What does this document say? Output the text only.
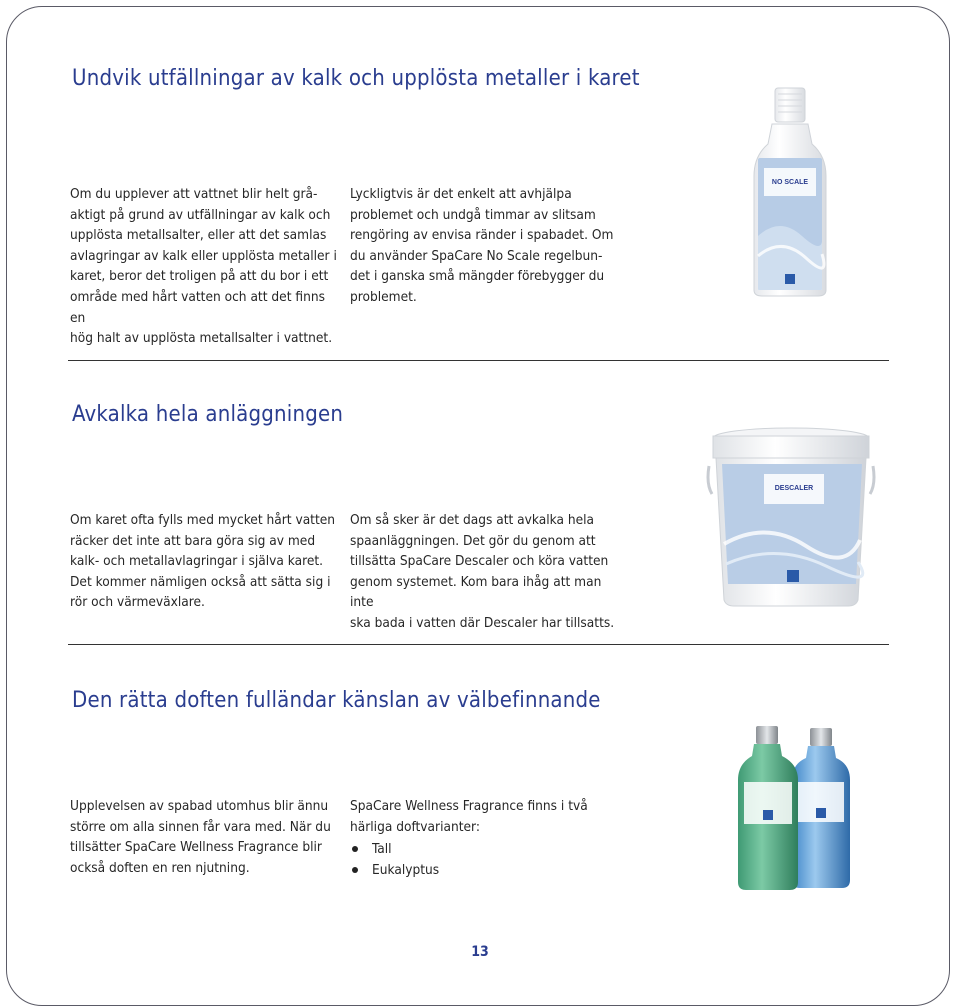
Undvik utfällningar av kalk och upplösta metaller i karet

Om du upplever att vattnet blir helt grå-
aktigt på grund av utfällningar av kalk och
upplösta metallsalter, eller att det samlas
avlagringar av kalk eller upplösta metaller i
karet, beror det troligen på att du bor i ett
område med hårt vatten och att det finns en
hög halt av upplösta metallsalter i vattnet.

Lyckligtvis är det enkelt att avhjälpa
problemet och undgå timmar av slitsam
rengöring av envisa ränder i spabadet. Om
du använder SpaCare No Scale regelbun-
det i ganska små mängder förebygger du
problemet.

NO SCALE
Avkalka hela anläggningen

Om karet ofta fylls med mycket hårt vatten
räcker det inte att bara göra sig av med
kalk- och metallavlagringar i själva karet.
Det kommer nämligen också att sätta sig i
rör och värmeväxlare.

Om så sker är det dags att avkalka hela
spaanläggningen. Det gör du genom att
tillsätta SpaCare Descaler och köra vatten
genom systemet. Kom bara ihåg att man inte
ska bada i vatten där Descaler har tillsatts.

DESCALER
Den rätta doften fulländar känslan av välbefinnande

Upplevelsen av spabad utomhus blir ännu
större om alla sinnen får vara med. När du
tillsätter SpaCare Wellness Fragrance blir
också doften en ren njutning.

SpaCare Wellness Fragrance finns i två
härliga doftvarianter:

Tall
Eukalyptus
13
